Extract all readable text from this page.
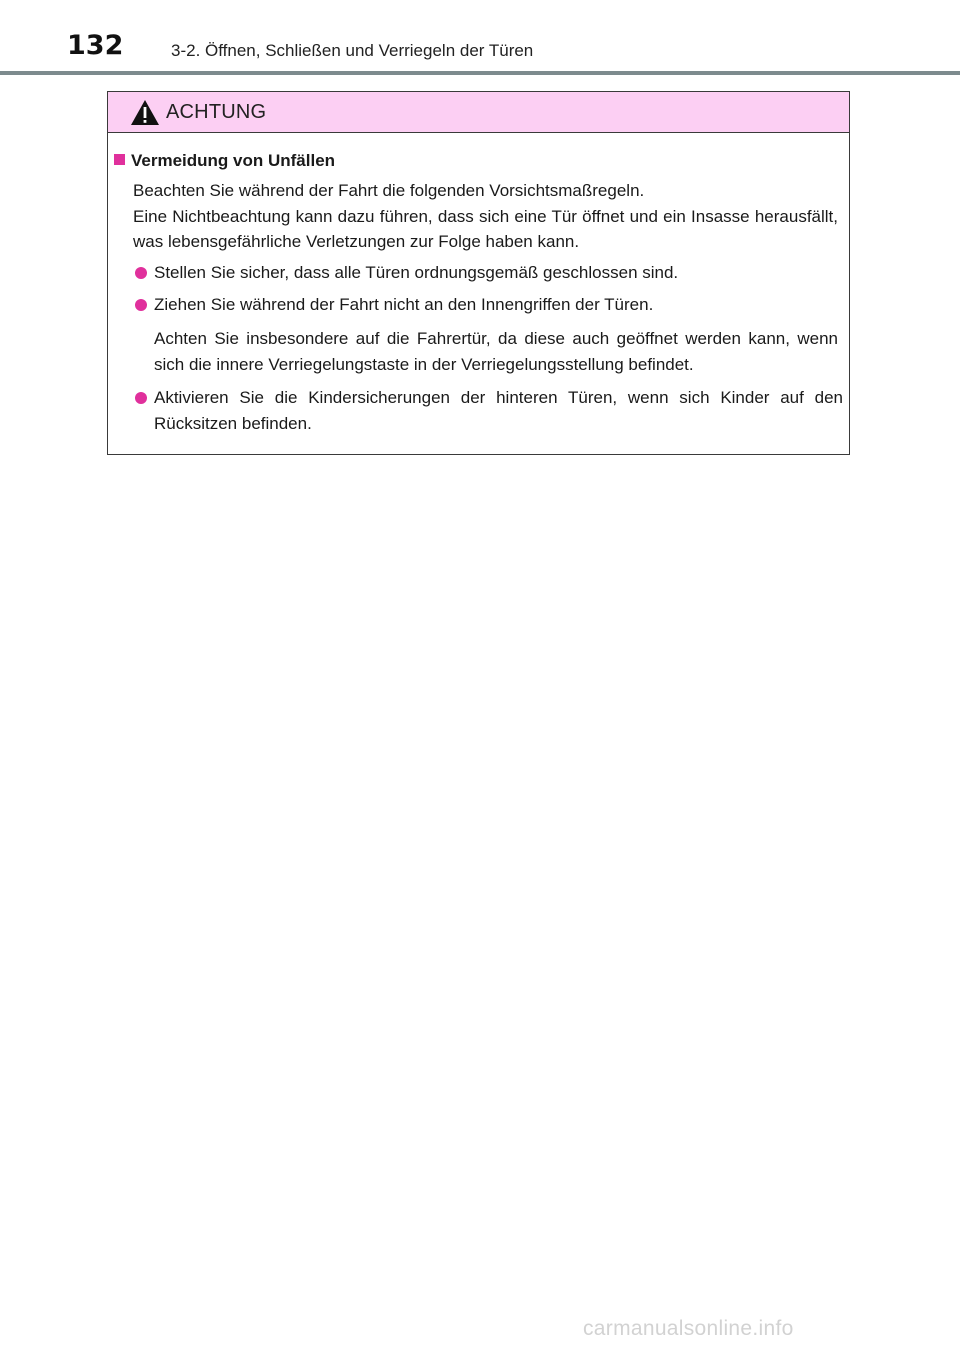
132	3-2. Öffnen, Schließen und Verriegeln der Türen
ACHTUNG
Vermeidung von Unfällen
Beachten Sie während der Fahrt die folgenden Vorsichtsmaßregeln.
Eine Nichtbeachtung kann dazu führen, dass sich eine Tür öffnet und ein Insasse herausfällt, was lebensgefährliche Verletzungen zur Folge haben kann.
Stellen Sie sicher, dass alle Türen ordnungsgemäß geschlossen sind.
Ziehen Sie während der Fahrt nicht an den Innengriffen der Türen.
Achten Sie insbesondere auf die Fahrertür, da diese auch geöffnet werden kann, wenn sich die innere Verriegelungstaste in der Verriegelungsstellung befindet.
Aktivieren Sie die Kindersicherungen der hinteren Türen, wenn sich Kinder auf den Rücksitzen befinden.
carmanualsonline.info
